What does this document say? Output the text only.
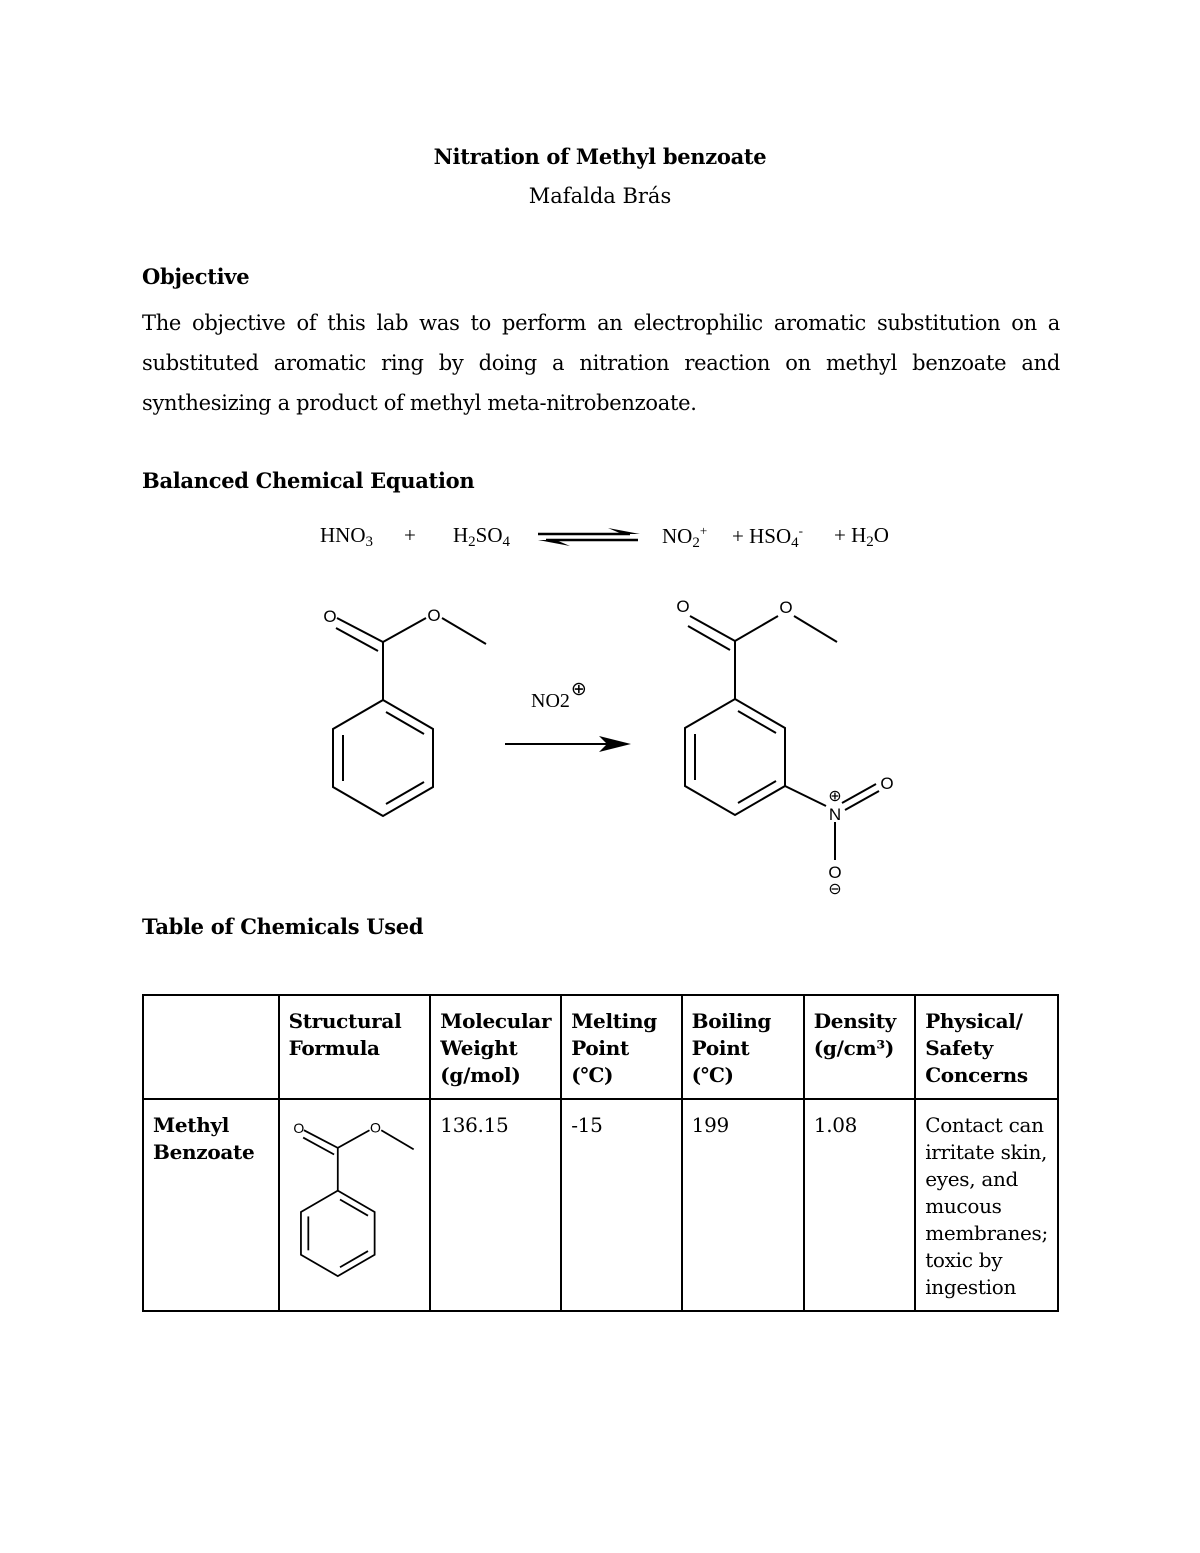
Nitration of Methyl benzoate
Mafalda Brás
Objective
The objective of this lab was to perform an electrophilic aromatic substitution on a substituted aromatic ring by doing a nitration reaction on methyl benzoate and synthesizing a product of methyl meta-nitrobenzoate.
Balanced Chemical Equation
$HNO_3 + H_2SO_4$	$NO_2^+ + HSO_4^- + H_2O$
O	O
NO2⊕
O	O
N
⊕
O
O
⊖
Table of Chemicals Used
	Structural Formula	Molecular Weight (g/mol)	Melting Point (℃)	Boiling Point (℃)	Density (g/cm³)	Physical/ Safety Concerns
Methyl Benzoate	O O	136.15	-15	199	1.08	Contact can irritate skin, eyes, and mucous membranes; toxic by ingestion
